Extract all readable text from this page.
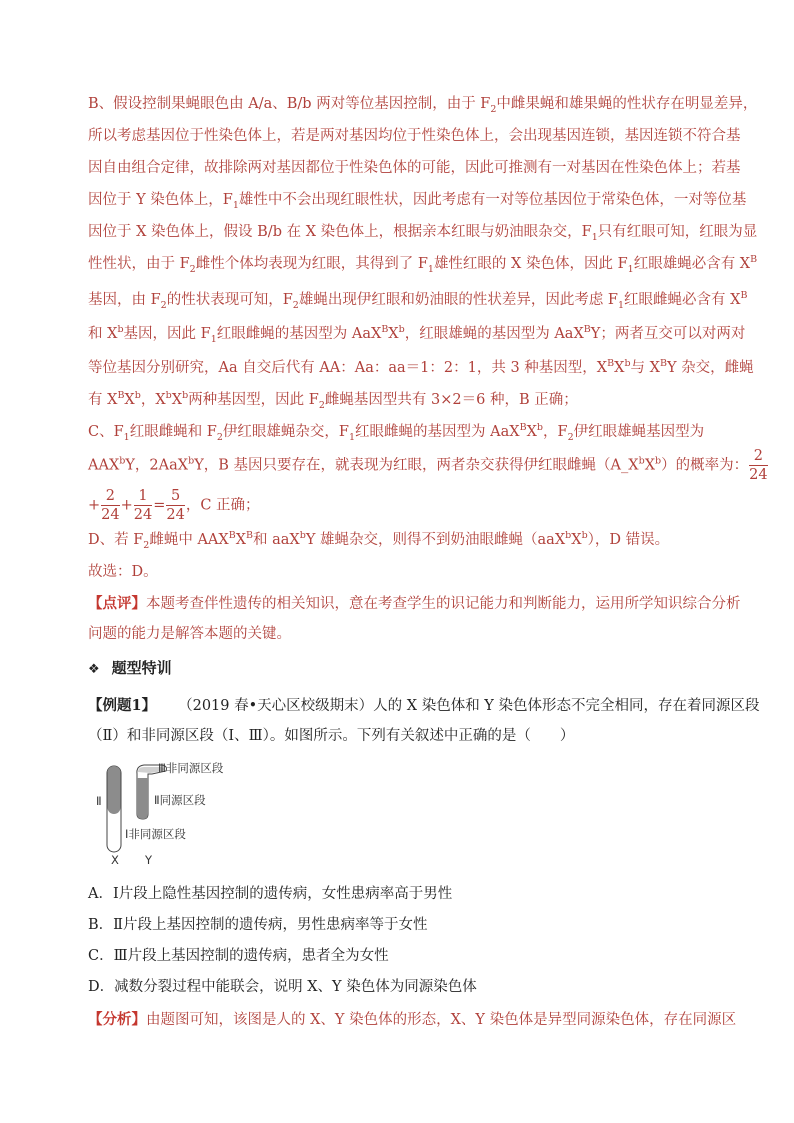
B、假设控制果蝇眼色由 A/a、B/b 两对等位基因控制，由于 $F_2$中雌果蝇和雄果蝇的性状存在明显差异，
所以考虑基因位于性染色体上，若是两对基因均位于性染色体上，会出现基因连锁，基因连锁不符合基
因自由组合定律，故排除两对基因都位于性染色体的可能，因此可推测有一对基因在性染色体上；若基
因位于 Y 染色体上，$F_1$雄性中不会出现红眼性状，因此考虑有一对等位基因位于常染色体，一对等位基
因位于 X 染色体上，假设 B/b 在 X 染色体上，根据亲本红眼与奶油眼杂交，$F_1$只有红眼可知，红眼为显
性性状，由于 $F_2$雌性个体均表现为红眼，其得到了 $F_1$雄性红眼的 X 染色体，因此 $F_1$红眼雄蝇必含有 $X^B$
基因，由 $F_2$的性状表现可知，$F_2$雄蝇出现伊红眼和奶油眼的性状差异，因此考虑 $F_1$红眼雌蝇必含有 $X^B$
和 $X^b$基因，因此 $F_1$红眼雌蝇的基因型为 $AaX^BX^b$，红眼雄蝇的基因型为 AaX$^B$Y；两者互交可以对两对
等位基因分别研究，Aa 自交后代有 AA：Aa：aa＝1：2：1，共 3 种基因型，$X^BX^b$与 $X^BY$ 杂交，雌蝇
有 $X^BX^b$，$X^bX^b$两种基因型，因此 $F_2$雌蝇基因型共有 3×2＝6 种，B 正确；
C、$F_1$红眼雌蝇和 $F_2$伊红眼雄蝇杂交，$F_1$红眼雌蝇的基因型为 $AaX^BX^b$，$F_2$伊红眼雄蝇基因型为
AAX$^b$Y，2AaX$^b$Y，B 基因只要存在，就表现为红眼，两者杂交获得伊红眼雌蝇$(A\_X^bX^b)$的概率为： $\frac{2}{24}$
+ $\frac{2}{24} + \frac{1}{24} = \frac{5}{24}$ ，C 正确；
D、若 $F_2$雌蝇中 $AAX^BX^B$和 aaX$^b$Y 雄蝇杂交，则得不到奶油眼雌蝇$(aaX^bX^b)$，D 错误。
故选：D。
【点评】本题考查伴性遗传的相关知识，意在考查学生的识记能力和判断能力，运用所学知识综合分析
问题的能力是解答本题的关键。
❖ 题型特训
【例题1】 （2019 春•天心区校级期末）人的 X 染色体和 Y 染色体形态不完全相同，存在着同源区段
（Ⅱ）和非同源区段（Ⅰ、Ⅲ）。如图所示。下列有关叙述中正确的是（　　）
Ⅲ非同源区段
Ⅱ同源区段
Ⅱ
Ⅰ非同源区段
X Y
A．Ⅰ片段上隐性基因控制的遗传病，女性患病率高于男性
B．Ⅱ片段上基因控制的遗传病，男性患病率等于女性
C．Ⅲ片段上基因控制的遗传病，患者全为女性
D．减数分裂过程中能联会，说明 X、Y 染色体为同源染色体
【分析】由题图可知，该图是人的 X、Y 染色体的形态，X、Y 染色体是异型同源染色体，存在同源区
